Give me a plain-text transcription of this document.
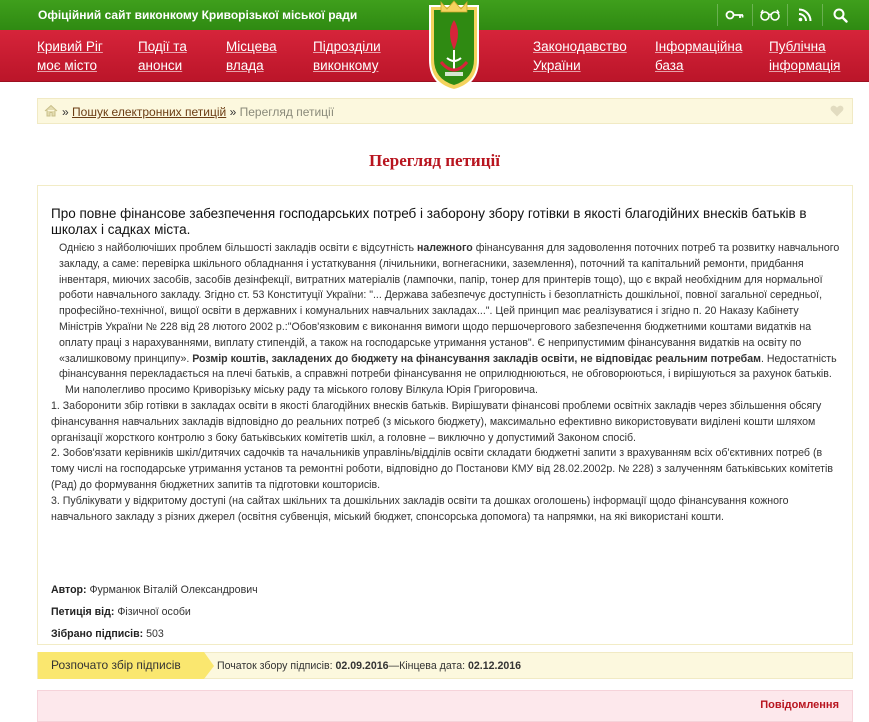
Офіційний сайт виконкому Криворізької міської ради
Кривий Ріг
моє місто
Події та
анонси
Місцева
влада
Підрозділи
виконкому
Законодавство
України
Інформаційна
база
Публічна
інформація
» Пошук електронних петицій » Перегляд петиції
Перегляд петиції
Про повне фінансове забезпечення господарських потреб і заборону збору готівки в якості благодійних внесків батьків в школах і садках міста.

Однією з найболючіших проблем більшості закладів освіти є відсутність належного фінансування для задоволення поточних потреб та розвитку навчального закладу, а саме: перевірка шкільного обладнання і устаткування (лічильники, вогнегасники, заземлення), поточний та капітальний ремонти, придбання інвентаря, миючих засобів, засобів дезінфекції, витратних матеріалів (лампочки, папір, тонер для принтерів тощо), що є вкрай необхідним для нормальної роботи навчального закладу. Згідно ст. 53 Конституції України: "... Держава забезпечує доступність і безоплатність дошкільної, повної загальної середньої, професійно-технічної, вищої освіти в державних і комунальних навчальних закладах...". Цей принцип має реалізуватися і згідно п. 20 Наказу Кабінету Міністрів України № 228 від 28 лютого 2002 р.:"Обов'язковим є виконання вимоги щодо першочергового забезпечення бюджетними коштами видатків на оплату праці з нарахуваннями, виплату стипендій, а також на господарське утримання установ". Є неприпустимим фінансування видатків на освіту по «залишковому принципу». Розмір коштів, закладених до бюджету на фінансування закладів освіти, не відповідає реальним потребам. Недостатність фінансування перекладається на плечі батьків, а справжні потреби фінансування не оприлюднюються, не обговорюються, і вирішуються за рахунок батьків.

Ми наполегливо просимо Криворізьку міську раду та міського голову Вілкула Юрія Григоровича.

1. Заборонити збір готівки в закладах освіти в якості благодійних внесків батьків. Вирішувати фінансові проблеми освітніх закладів через збільшення обсягу фінансування навчальних закладів відповідно до реальних потреб (з міського бюджету), максимально ефективно використовувати виділені кошти шляхом організації жорсткого контролю з боку батьківських комітетів шкіл, а головне – виключно у допустимий Законом спосіб.

2. Зобов'язати керівників шкіл/дитячих садочків та начальників управлінь/відділів освіти складати бюджетні запити з врахуванням всіх об'єктивних потреб (в тому числі на господарське утримання установ та ремонтні роботи, відповідно до Постанови КМУ від 28.02.2002р. № 228) з залученням батьківських комітетів (Рад) до формування бюджетних запитів та підготовки кошторисів.

3. Публікувати у відкритому доступі (на сайтах шкільних та дошкільних закладів освіти та дошках оголошень) інформації щодо фінансування кожного навчального закладу з різних джерел (освітня субвенція, міський бюджет, спонсорська допомога) та напрямки, на які використані кошти.

Автор: Фурманюк Віталій Олександрович
Петиція від: Фізичної особи
Зібрано підписів: 503
Розпочато збір підписів	Початок збору підписів: 02.09.2016—Кінцева дата: 02.12.2016
Повідомлення
